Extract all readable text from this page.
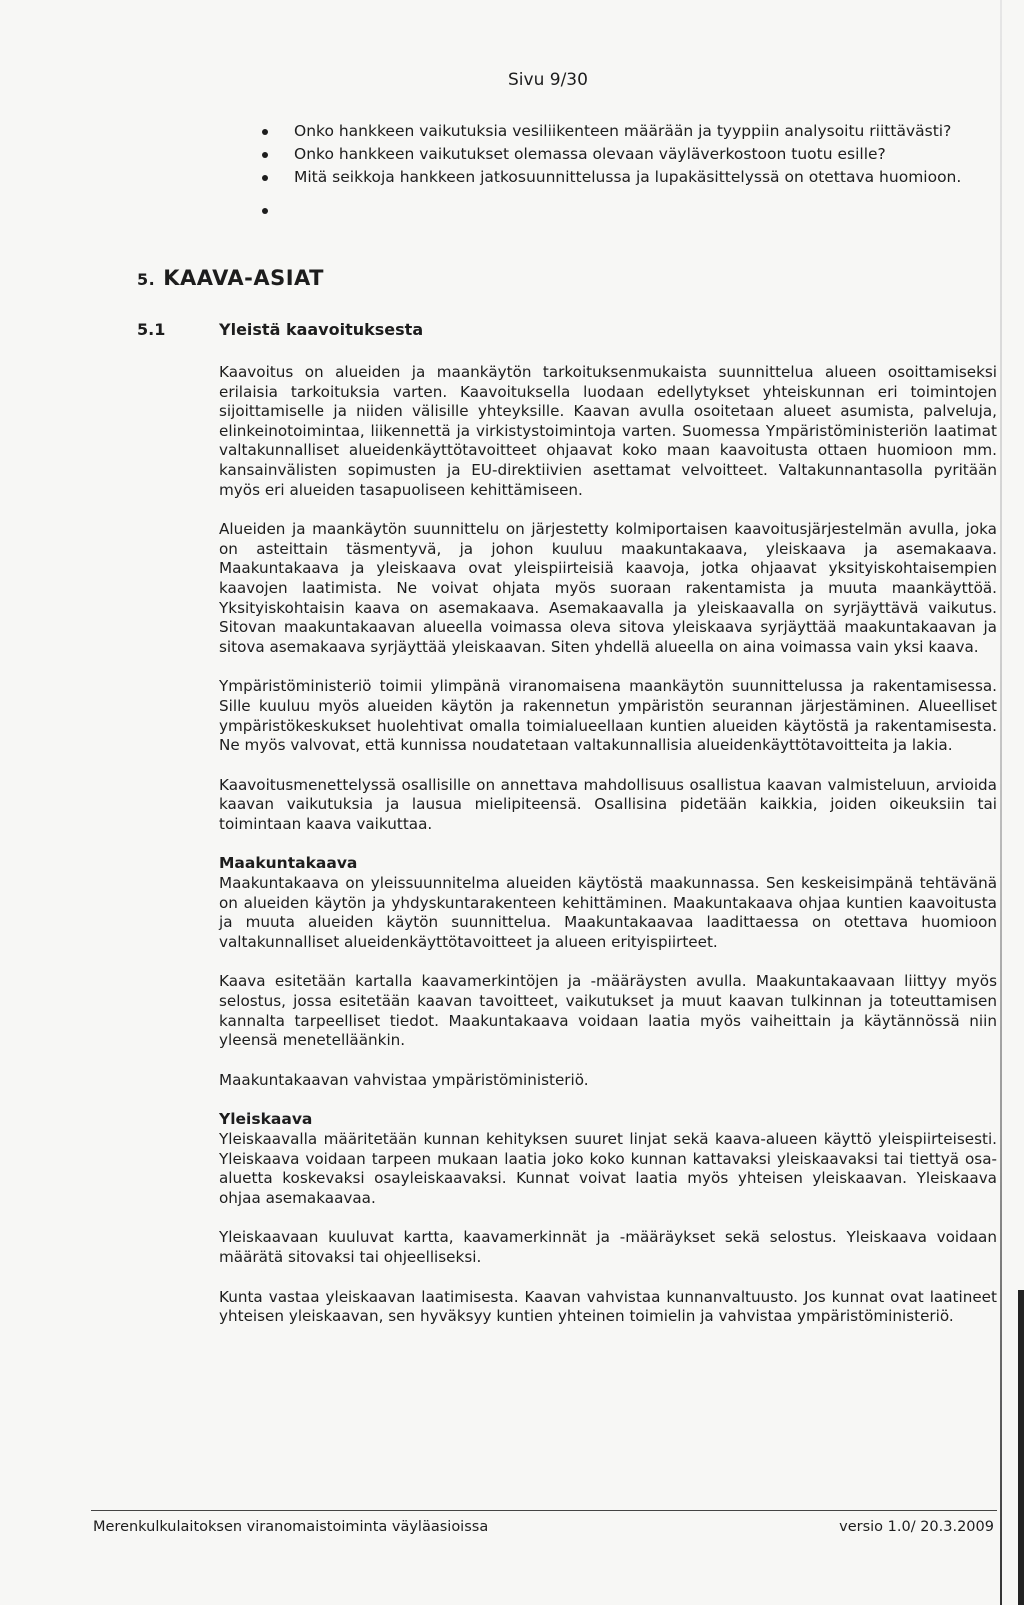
Sivu 9/30
Onko hankkeen vaikutuksia vesiliikenteen määrään ja tyyppiin analysoitu riittävästi?
Onko hankkeen vaikutukset olemassa olevaan väyläverkostoon tuotu esille?
Mitä seikkoja hankkeen jatkosuunnittelussa ja lupakäsittelyssä on otettava huomioon.
5. KAAVA-ASIAT
5.1	Yleistä kaavoituksesta

Kaavoitus on alueiden ja maankäytön tarkoituksenmukaista suunnittelua alueen osoittamiseksi erilaisia tarkoituksia varten. Kaavoituksella luodaan edellytykset yhteiskunnan eri toimintojen sijoittamiselle ja niiden välisille yhteyksille. Kaavan avulla osoitetaan alueet asumista, palveluja, elinkeinotoimintaa, liikennettä ja virkistystoimintoja varten. Suomessa Ympäristöministeriön laatimat valtakunnalliset alueidenkäyttötavoitteet ohjaavat koko maan kaavoitusta ottaen huomioon mm. kansainvälisten sopimusten ja EU-direktiivien asettamat velvoitteet. Valtakunnantasolla pyritään myös eri alueiden tasapuoliseen kehittämiseen.

Alueiden ja maankäytön suunnittelu on järjestetty kolmiportaisen kaavoitusjärjestelmän avulla, joka on asteittain täsmentyvä, ja johon kuuluu maakuntakaava, yleiskaava ja asemakaava. Maakuntakaava ja yleiskaava ovat yleispiirteisiä kaavoja, jotka ohjaavat yksityiskohtaisempien kaavojen laatimista. Ne voivat ohjata myös suoraan rakentamista ja muuta maankäyttöä. Yksityiskohtaisin kaava on asemakaava. Asemakaavalla ja yleiskaavalla on syrjäyttävä vaikutus. Sitovan maakuntakaavan alueella voimassa oleva sitova yleiskaava syrjäyttää maakuntakaavan ja sitova asemakaava syrjäyttää yleiskaavan. Siten yhdellä alueella on aina voimassa vain yksi kaava.

Ympäristöministeriö toimii ylimpänä viranomaisena maankäytön suunnittelussa ja rakentamisessa. Sille kuuluu myös alueiden käytön ja rakennetun ympäristön seurannan järjestäminen. Alueelliset ympäristökeskukset huolehtivat omalla toimialueellaan kuntien alueiden käytöstä ja rakentamisesta. Ne myös valvovat, että kunnissa noudatetaan valtakunnallisia alueidenkäyttötavoitteita ja lakia.

Kaavoitusmenettelyssä osallisille on annettava mahdollisuus osallistua kaavan valmisteluun, arvioida kaavan vaikutuksia ja lausua mielipiteensä. Osallisina pidetään kaikkia, joiden oikeuksiin tai toimintaan kaava vaikuttaa.

Maakuntakaava

Maakuntakaava on yleissuunnitelma alueiden käytöstä maakunnassa. Sen keskeisimpänä tehtävänä on alueiden käytön ja yhdyskuntarakenteen kehittäminen. Maakuntakaava ohjaa kuntien kaavoitusta ja muuta alueiden käytön suunnittelua. Maakuntakaavaa laadittaessa on otettava huomioon valtakunnalliset alueidenkäyttötavoitteet ja alueen erityispiirteet.

Kaava esitetään kartalla kaavamerkintöjen ja -määräysten avulla. Maakuntakaavaan liittyy myös selostus, jossa esitetään kaavan tavoitteet, vaikutukset ja muut kaavan tulkinnan ja toteuttamisen kannalta tarpeelliset tiedot. Maakuntakaava voidaan laatia myös vaiheittain ja käytännössä niin yleensä menetelläänkin.

Maakuntakaavan vahvistaa ympäristöministeriö.

Yleiskaava

Yleiskaavalla määritetään kunnan kehityksen suuret linjat sekä kaava-alueen käyttö yleispiirteisesti. Yleiskaava voidaan tarpeen mukaan laatia joko koko kunnan kattavaksi yleiskaavaksi tai tiettyä osa-aluetta koskevaksi osayleiskaavaksi. Kunnat voivat laatia myös yhteisen yleiskaavan. Yleiskaava ohjaa asemakaavaa.

Yleiskaavaan kuuluvat kartta, kaavamerkinnät ja -määräykset sekä selostus. Yleiskaava voidaan määrätä sitovaksi tai ohjeelliseksi.

Kunta vastaa yleiskaavan laatimisesta. Kaavan vahvistaa kunnanvaltuusto. Jos kunnat ovat laatineet yhteisen yleiskaavan, sen hyväksyy kuntien yhteinen toimielin ja vahvistaa ympäristöministeriö.

Merenkulkulaitoksen viranomaistoiminta väyläasioissa	versio 1.0/ 20.3.2009
